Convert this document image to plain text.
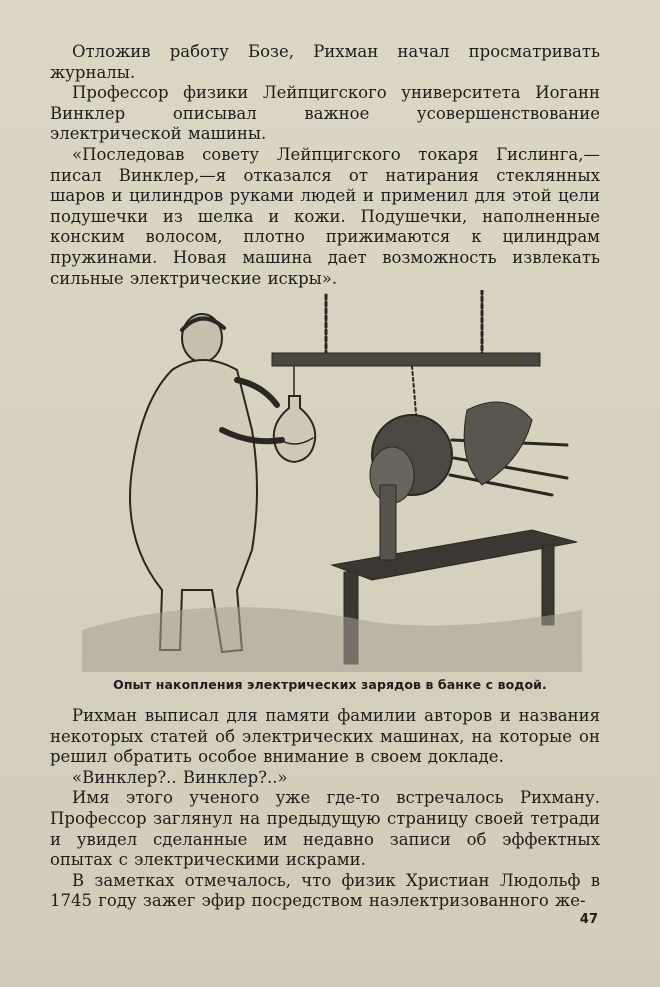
Отложив работу Бозе, Рихман начал просматривать журналы.

Профессор физики Лейпцигского университета Иоганн Винклер описывал важное усовершенствование электрической машины.

«Последовав совету Лейпцигского токаря Гислинга,—писал Винклер,—я отказался от натирания стеклянных шаров и цилиндров руками людей и применил для этой цели подушечки из шелка и кожи. Подушечки, наполненные конским волосом, плотно прижимаются к цилиндрам пружинами. Новая машина дает возможность извлекать сильные электрические искры».

Опыт накопления электрических зарядов в банке с водой.

Рихман выписал для памяти фамилии авторов и названия некоторых статей об электрических машинах, на которые он решил обратить особое внимание в своем докладе.

«Винклер?.. Винклер?..»

Имя этого ученого уже где-то встречалось Рихману. Профессор заглянул на предыдущую страницу своей тетради и увидел сделанные им недавно записи об эффектных опытах с электрическими искрами.

В заметках отмечалось, что физик Христиан Людольф в 1745 году зажег эфир посредством наэлектризованного же-

47
